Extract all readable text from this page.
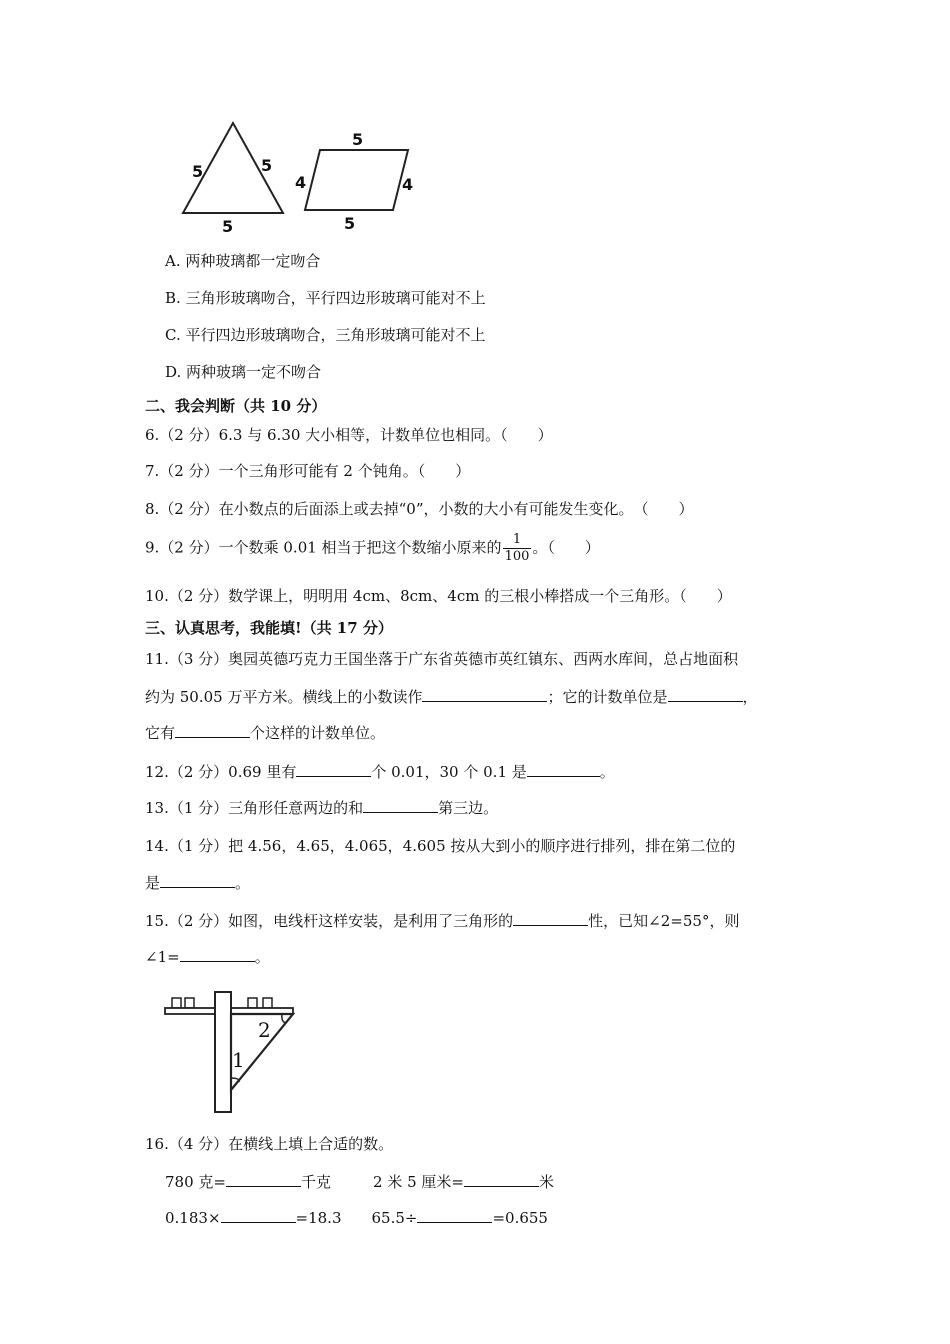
5	5
5
5
5
4	4
A. 两种玻璃都一定吻合
B. 三角形玻璃吻合，平行四边形玻璃可能对不上
C. 平行四边形玻璃吻合，三角形玻璃可能对不上
D. 两种玻璃一定不吻合
二、我会判断（共 10 分）
6.（2 分）6.3 与 6.30 大小相等，计数单位也相同。（　　）
7.（2 分）一个三角形可能有 2 个钝角。（　　）
8.（2 分）在小数点的后面添上或去掉“0”，小数的大小有可能发生变化。　（　　）
9.（2 分）一个数乘 0.01 相当于把这个数缩小原来的 $\frac{1}{100}$ 。（　　）
10.（2 分）数学课上，明明用 4cm、8cm、4cm 的三根小棒搭成一个三角形。（　　）
三、认真思考，我能填!（共 17 分）
11.（3 分）奥园英德巧克力王国坐落于广东省英德市英红镇东、西两水库间，总占地面积
约为 50.05 万平方米。横线上的小数读作	；它的计数单位是	，
它有	个这样的计数单位。
12.（2 分）0.69 里有	个 0.01，30 个 0.1 是	。
13.（1 分）三角形任意两边的和	第三边。
14.（1 分）把 4.56，4.65，4.065，4.605 按从大到小的顺序进行排列，排在第二位的
是	。
15.（2 分）如图，电线杆这样安装，是利用了三角形的	性，已知∠2=55°，则
∠1=	。
1
2
16.（4 分）在横线上填上合适的数。
780 克=	千克	2 米 5 厘米=	米
0.183×	=18.3 65.5÷	=0.655
